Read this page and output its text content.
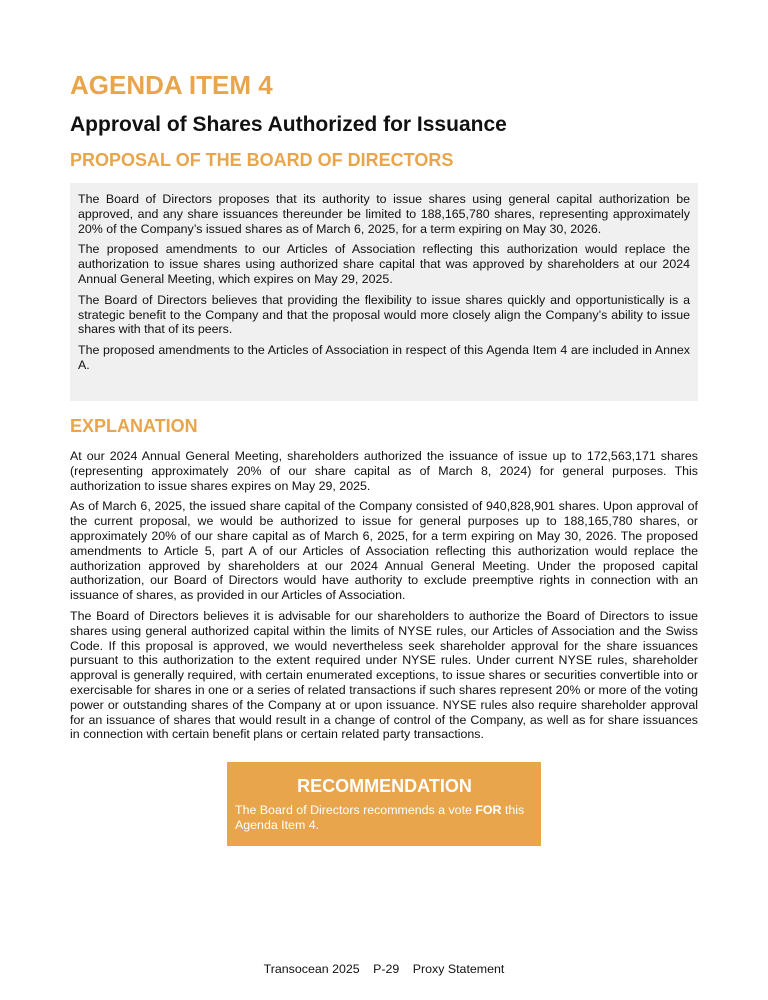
AGENDA ITEM 4
Approval of Shares Authorized for Issuance
PROPOSAL OF THE BOARD OF DIRECTORS

The Board of Directors proposes that its authority to issue shares using general capital authorization be approved, and any share issuances thereunder be limited to 188,165,780 shares, representing approximately 20% of the Company’s issued shares as of March 6, 2025, for a term expiring on May 30, 2026.

The proposed amendments to our Articles of Association reflecting this authorization would replace the authorization to issue shares using authorized share capital that was approved by shareholders at our 2024 Annual General Meeting, which expires on May 29, 2025.

The Board of Directors believes that providing the flexibility to issue shares quickly and opportunistically is a strategic benefit to the Company and that the proposal would more closely align the Company’s ability to issue shares with that of its peers.

The proposed amendments to the Articles of Association in respect of this Agenda Item 4 are included in Annex A.

EXPLANATION

At our 2024 Annual General Meeting, shareholders authorized the issuance of issue up to 172,563,171 shares (representing approximately 20% of our share capital as of March 8, 2024) for general purposes. This authorization to issue shares expires on May 29, 2025.

As of March 6, 2025, the issued share capital of the Company consisted of 940,828,901 shares. Upon approval of the current proposal, we would be authorized to issue for general purposes up to 188,165,780 shares, or approximately 20% of our share capital as of March 6, 2025, for a term expiring on May 30, 2026. The proposed amendments to Article 5, part A of our Articles of Association reflecting this authorization would replace the authorization approved by shareholders at our 2024 Annual General Meeting. Under the proposed capital authorization, our Board of Directors would have authority to exclude preemptive rights in connection with an issuance of shares, as provided in our Articles of Association.

The Board of Directors believes it is advisable for our shareholders to authorize the Board of Directors to issue shares using general authorized capital within the limits of NYSE rules, our Articles of Association and the Swiss Code. If this proposal is approved, we would nevertheless seek shareholder approval for the share issuances pursuant to this authorization to the extent required under NYSE rules. Under current NYSE rules, shareholder approval is generally required, with certain enumerated exceptions, to issue shares or securities convertible into or exercisable for shares in one or a series of related transactions if such shares represent 20% or more of the voting power or outstanding shares of the Company at or upon issuance. NYSE rules also require shareholder approval for an issuance of shares that would result in a change of control of the Company, as well as for share issuances in connection with certain benefit plans or certain related party transactions.

RECOMMENDATION
The Board of Directors recommends a vote FOR this Agenda Item 4.
Transocean 2025 P-29 Proxy Statement
